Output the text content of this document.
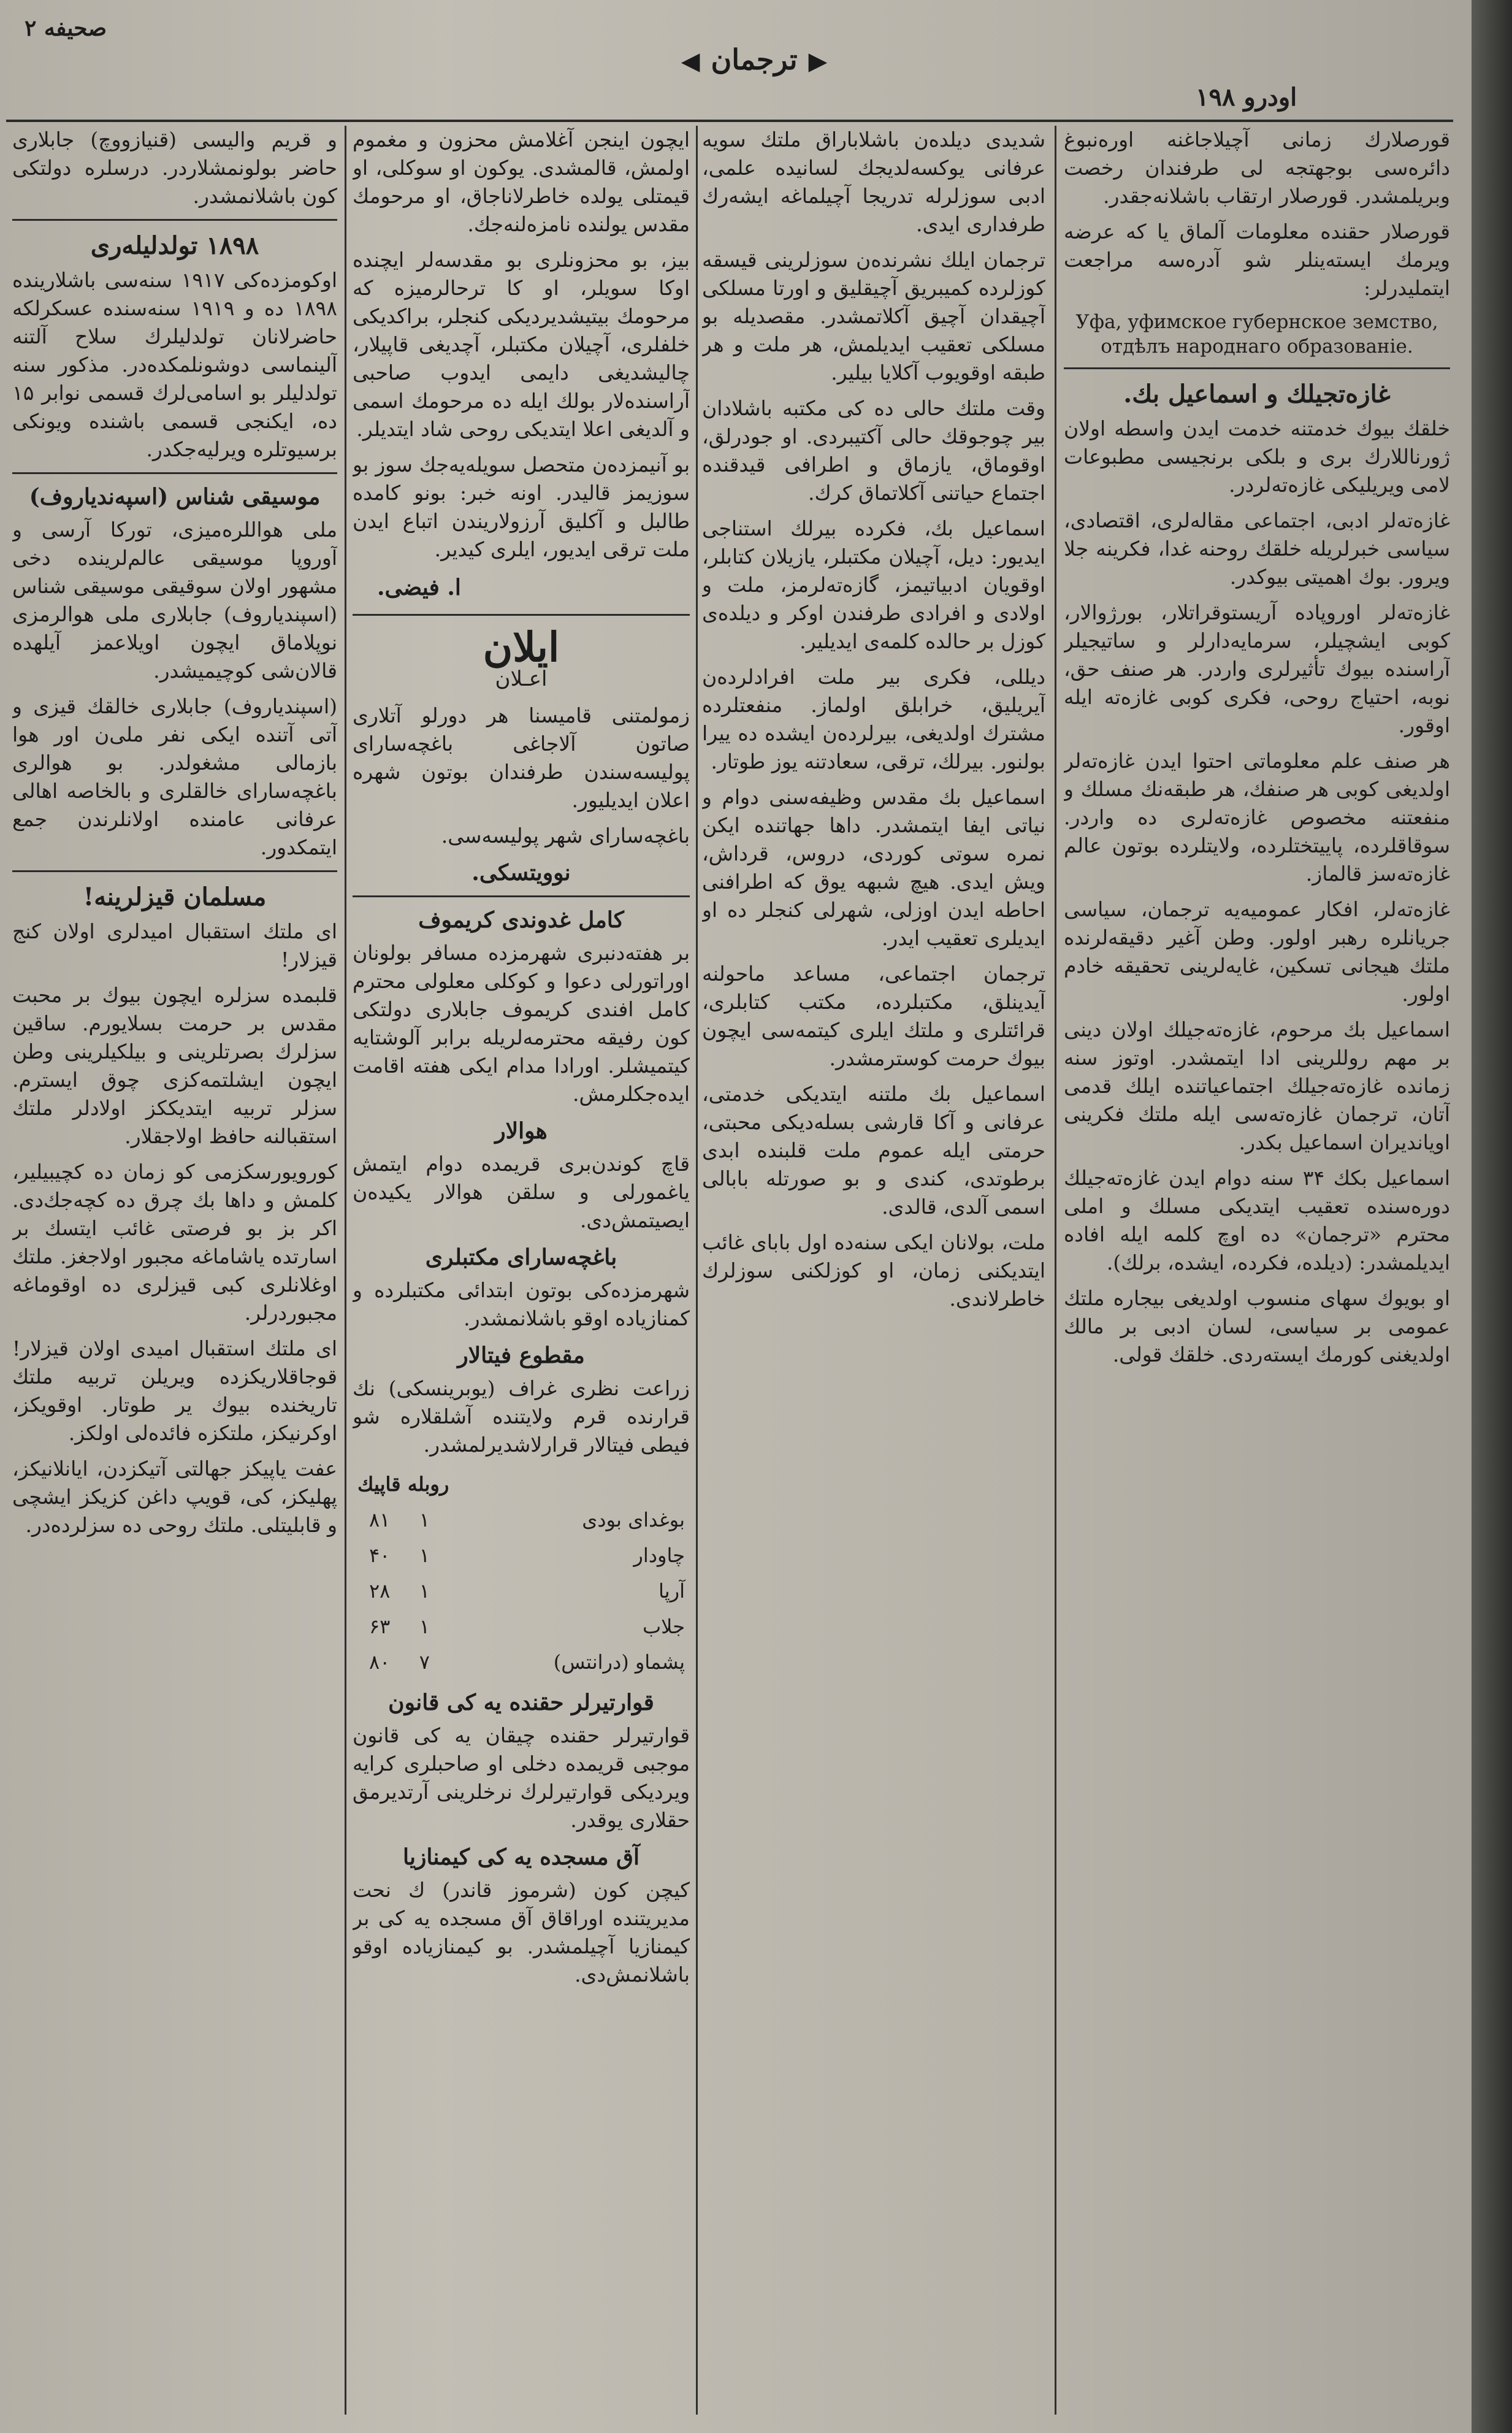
صحیفه ۲
◀ ترجمان ▶
اودرو ۱۹۸

قورصلارك زمانی آچیلاجاغنه اوره‌نبوغ دائره‌سی بوجهتجه لی طرفندان رخصت وبریلمشدر. قورصلار ارتقاب باشلانه‌جقدر.

قورصلار حقنده معلومات آلماق یا که عرضه ویرمك ایسته‌ینلر شو آدره‌سه مراجعت ایتملیدرلر:

Уфа, уфимское губернское земство, отдѣлъ народнаго образованіе.
غازه‌تجیلك و اسماعیل بك.

خلقك بیوك خدمتنه خدمت ایدن واسطه اولان ژورناللارك بری و بلکی برنجیسی مطبوعات لامی ویریلیکی غازه‌ته‌لردر.

غازه‌ته‌لر ادبی، اجتماعی مقاله‌لری، اقتصادی، سیاسی خبرلریله خلقك روحنه غدا، فکرینه جلا ویرور. بوك اهمیتی بیوکدر.

غازه‌ته‌لر اوروپاده آریستوقراتلار، بورژوالار، کوبی ایشچیلر، سرمایه‌دارلر و ساتیجیلر آراسنده بیوك تأثیرلری واردر. هر صنف حق، نوبه، احتیاج روحی، فکری کوبی غازه‌ته ایله اوقور.

هر صنف علم معلوماتی احتوا ایدن غازه‌ته‌لر اولدیغی کوبی هر صنفك، هر طبقه‌نك مسلك و منفعتنه مخصوص غازه‌ته‌لری ده واردر. سوقاقلرده، پاییتختلرده، ولایتلرده بوتون عالم غازه‌ته‌سز قالماز.

غازه‌ته‌لر، افکار عمومیه‌یه ترجمان، سیاسی جریانلره رهبر اولور. وطن آغیر دقیقه‌لرنده ملتك هیجانی تسکین، غایه‌لرینی تحقیقه خادم اولور.

اسماعیل بك مرحوم، غازه‌ته‌جیلك اولان دینی بر مهم روللرینی ادا ایتمشدر. اوتوز سنه زمانده غازه‌ته‌جیلك اجتماعیاتنده ایلك قدمی آتان، ترجمان غازه‌ته‌سی ایله ملتك فکرینی اویاندیران اسماعیل بكدر.

اسماعیل بكك ۳۴ سنه دوام ایدن غازه‌ته‌جیلك دوره‌سنده تعقیب ایتدیکی مسلك و املی محترم «ترجمان» ده اوچ کلمه ایله افاده ایدیلمشدر: (دیلده، فکرده، ایشده، برلك).

او بویوك سهای منسوب اولدیغی بیجاره ملتك عمومی بر سیاسی، لسان ادبی بر مالك اولدیغنی کورمك ایسته‌ردی. خلقك قولی.

شدیدی دیلده‌ن باشلاباراق ملتك سویه عرفانی یوکسه‌لدیجك لسانیده علمی، ادبی سوزلرله تدریجا آچیلماغه ایشه‌رك طرفداری ایدی.

ترجمان ایلك نشرنده‌ن سوزلرینی قیسقه کوزلرده کمیبریق آچیقلیق و اورتا مسلکی آچیقدان آچیق آکلاتمشدر. مقصدیله بو مسلکی تعقیب ایدیلمش، هر ملت و هر طبقه اوقویوب آکلایا بیلیر.

وقت ملتك حالی ده کی مکتبه باشلادان بیر چوجوقك حالی آکتیبردی. او جودرلق، اوقوماق، یازماق و اطرافی قیدقنده اجتماع حیاتنی آکلاتماق کرك.

اسماعیل بك، فکرده بیرلك استناجی ایدیور: دیل، آچیلان مکتبلر، یازیلان کتابلر، اوقویان ادبیاتیمز، گازه‌ته‌لرمز، ملت و اولادی و افرادی طرفندن اوکر و دیلده‌ی کوزل بر حالده کلمه‌ی ایدیلیر.

دیللی، فکری بیر ملت افرادلرده‌ن آیریلیق، خرابلق اولماز. منفعتلرده مشترك اولدیغی، بیرلرده‌ن ایشده ده ییرا بولنور. بیرلك، ترقی، سعادتنه یوز طوتار.

اسماعیل بك مقدس وظیفه‌سنی دوام و نیاتی ایفا ایتمشدر. داها جهاتنده ایکن نمره سوتی کوردی، دروس، قرداش، ویش ایدی. هیچ شبهه یوق که اطرافنی احاطه ایدن اوزلی، شهرلی کنجلر ده او ایدیلری تعقیب ایدر.

ترجمان اجتماعی، مساعد ماحولنه آیدینلق، مکتبلرده، مکتب کتابلری، قرائتلری و ملتك ایلری کیتمه‌سی ایچون بیوك حرمت کوسترمشدر.

اسماعیل بك ملتنه ایتدیکی خدمتی، عرفانی و آکا قارشی بسله‌دیکی محبتی، حرمتی ایله عموم ملت قلبنده ابدی برطوتدی، کندی و بو صورتله بابالی اسمی آلدی، قالدی.

ملت، بولانان ایکی سنه‌ده اول بابای غائب ایتدیکنی زمان، او کوزلکنی سوزلرك خاطرلاندی.

ایچون اینجن آغلامش محزون و مغموم اولمش، قالمشدی. یوکون او سوکلی، او قیمتلی یولده خاطرلاناجاق، او مرحومك مقدس یولنده نامزه‌لنه‌جك.

بیز، بو محزونلری بو مقدسه‌لر ایچنده اوکا سویلر، او کا ترحالرمیزه که مرحومك بیتیشدیردیکی کنجلر، براکدیکی خلفلری، آچیلان مکتبلر، آچدیغی قاپیلار، چالیشدیغی دایمی ایدوب صاحبی آراسنده‌لار بولك ایله ده مرحومك اسمی و آلدیغی اعلا ایتدیکی روحی شاد ایتدیلر.

بو آنیمزده‌ن متحصل سویله‌یه‌جك سوز بو سوزیمز قالیدر. اونه خبر: بونو کامده طالبل و آکلیق آرزولاریندن اتباع ایدن ملت ترقی ایدیور، ایلری کیدیر.

ا. فیضی.
ایلان
اعـلان

زمولمتنی قامیسنا هر دورلو آتلاری صاتون آلاجاغی باغچه‌سارای پولیسه‌سندن طرفندان بوتون شهره اعلان ایدیلیور.

باغچه‌سارای شهر پولیسه‌سی.

نوویتسکی.
کامل غدوندی کریموف

بر هفته‌دنبری شهرمزده مسافر بولونان اوراتورلی دعوا و کوکلی معلولی محترم کامل افندی کریموف جابلاری دولتکی کون رفیقه محترمه‌لریله برابر آلوشتایه کیتمیشلر. اورادا مدام ایکی هفته اقامت ایده‌جکلرمش.

هوالار

قاچ کوندن‌بری قریمده دوام ایتمش یاغمورلی و سلقن هوالار یکیده‌ن ایصیتمش‌دی.

باغچه‌سارای مکتبلری

شهرمزده‌کی بوتون ابتدائی مکتبلرده و کمنازیاده اوقو باشلانمشدر.

مقطوع فیتالار

زراعت نظری غراف (یوبرینسکی) نك قرارنده قرم ولایتنده آشلقلاره شو فیطی فیتالار قرارلاشدیرلمشدر.

روبله قاپیك		
بوغدای بودی	۱	۸۱
چاودار	۱	۴۰
آرپا	۱	۲۸
جلاب	۱	۶۳
پشماو (درانتس)	۷	۸۰
قوارتیرلر حقنده یه کی قانون

قوارتیرلر حقنده چیقان یه کی قانون موجبی قریمده دخلی او صاحبلری کرایه ویردیکی قوارتیرلرك نرخلرینی آرتدیرمق حقلاری یوقدر.

آق مسجده یه کی کیمنازیا

کیچن کون (شرموز قاندر) ك نحت مدیریتنده اوراقاق آق مسجده یه کی بر کیمنازیا آچیلمشدر. بو کیمنازیاده اوقو باشلانمش‌دی.

و قریم والیسی (قنیازووچ) جابلاری حاضر بولونمشلاردر. درسلره دولتکی کون باشلانمشدر.

۱۸۹۸ تولدلیله‌ری

اوکومزده‌کی ۱۹۱۷ سنه‌سی باشلارینده ۱۸۹۸ ده و ۱۹۱۹ سنه‌سنده عسکرلکه حاضرلانان تولدلیلرك سلاح آلتنه آلینماسی دوشونلمکده‌در. مذکور سنه تولدلیلر بو اسامی‌لرك قسمی نوابر ۱۵ ده، ایکنجی قسمی باشنده ویونکی برسیوتلره ویرلیه‌جکدر.

موسیقی شناس (اسپه‌ندیاروف)

ملی هواللره‌میزی، تورکا آرسی و آوروپا موسیقی عالم‌لرینده دخی مشهور اولان سوقیقی موسیقی شناس (اسپندیاروف) جابلاری ملی هوا‌لرمزی نوپلاماق ایچون اویلاعمز آیلهده قالان‌شی کوچیمیشدر.

(اسپندیاروف) جابلاری خالقك قیزی و آتی آتنده ایکی نفر ملی‌ن اور هوا بازمالی مشغولدر. بو هوالری باغچه‌سارای خالقلری و بالخاصه اهالی عرفانی عامنده اولانلرندن جمع ایتمکدور.

مسلمان قیزلرینه!

ای ملتك استقبال امیدلری اولان کنج قیزلار!

قلبمده سزلره ایچون بیوك بر محبت مقدس بر حرمت بسلایورم. ساقین سزلرك بصرتلرینی و بیلکیلرینی وطن ایچون ایشلتمه‌کزی چوق ایسترم. سزلر تربیه ایتدیککز اولادلر ملتك استقبالنه حافظ اولاجقلار.

کورویورسکزمی کو زمان ده کچیبیلیر، کلمش و داها بك چرق ده کچه‌جك‌دی. اکر بز بو فرصتی غائب ایتسك بر اسارتده یاشاماغه مجبور اولاجغز. ملتك اوغلانلری کبی قیزلری ده اوقوماغه مجبوردرلر.

ای ملتك استقبال امیدی اولان قیزلار! قوجاقلاریکزده ویریلن تربیه ملتك تاریخنده بیوك یر طوتار. اوقویکز، اوکرنیکز، ملتکزه فائده‌لی اولکز.

عفت یاپیکز جهالتی آتیکزدن، ایانلانیکز، پهلیکز، کی، قویپ داغن کزیکز ایشچی و قابلیتلی. ملتك روحی ده سزلرده‌در.
